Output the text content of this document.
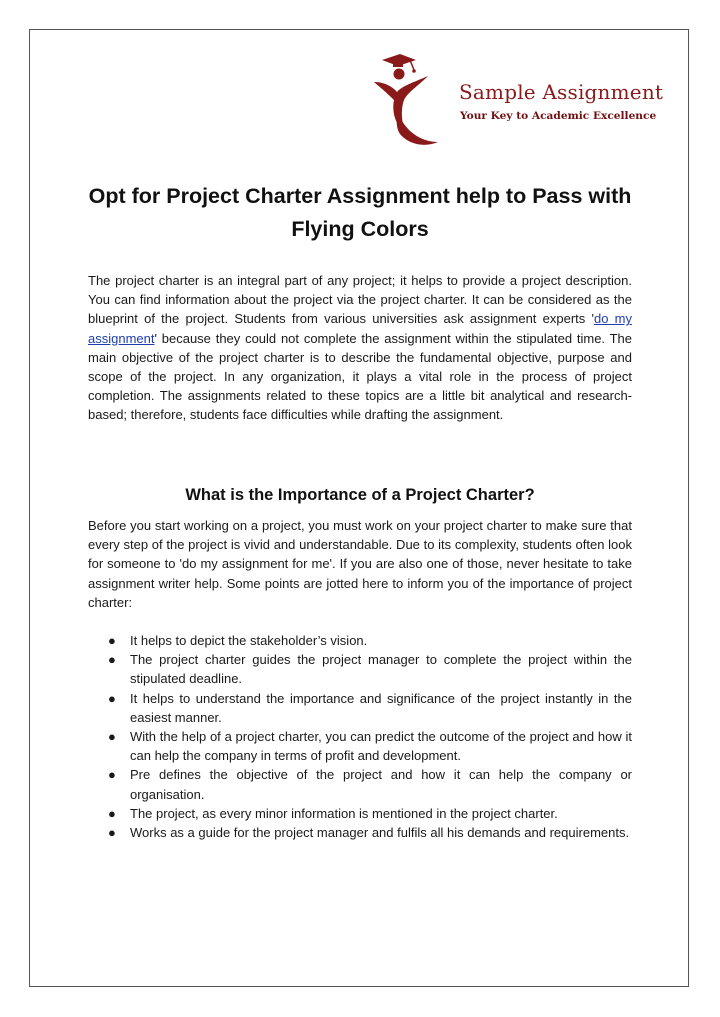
Sample Assignment
Your Key to Academic Excellence
Opt for Project Charter Assignment help to Pass with Flying Colors

The project charter is an integral part of any project; it helps to provide a project description. You can find information about the project via the project charter. It can be considered as the blueprint of the project. Students from various universities ask assignment experts 'do my assignment' because they could not complete the assignment within the stipulated time. The main objective of the project charter is to describe the fundamental objective, purpose and scope of the project. In any organization, it plays a vital role in the process of project completion. The assignments related to these topics are a little bit analytical and research-based; therefore, students face difficulties while drafting the assignment.

What is the Importance of a Project Charter?

Before you start working on a project, you must work on your project charter to make sure that every step of the project is vivid and understandable. Due to its complexity, students often look for someone to 'do my assignment for me'. If you are also one of those, never hesitate to take assignment writer help. Some points are jotted here to inform you of the importance of project charter:

● It helps to depict the stakeholder’s vision.
● The project charter guides the project manager to complete the project within the stipulated deadline.
● It helps to understand the importance and significance of the project instantly in the easiest manner.
● With the help of a project charter, you can predict the outcome of the project and how it can help the company in terms of profit and development.
● Pre defines the objective of the project and how it can help the company or organisation.
● The project, as every minor information is mentioned in the project charter.
● Works as a guide for the project manager and fulfils all his demands and requirements.
